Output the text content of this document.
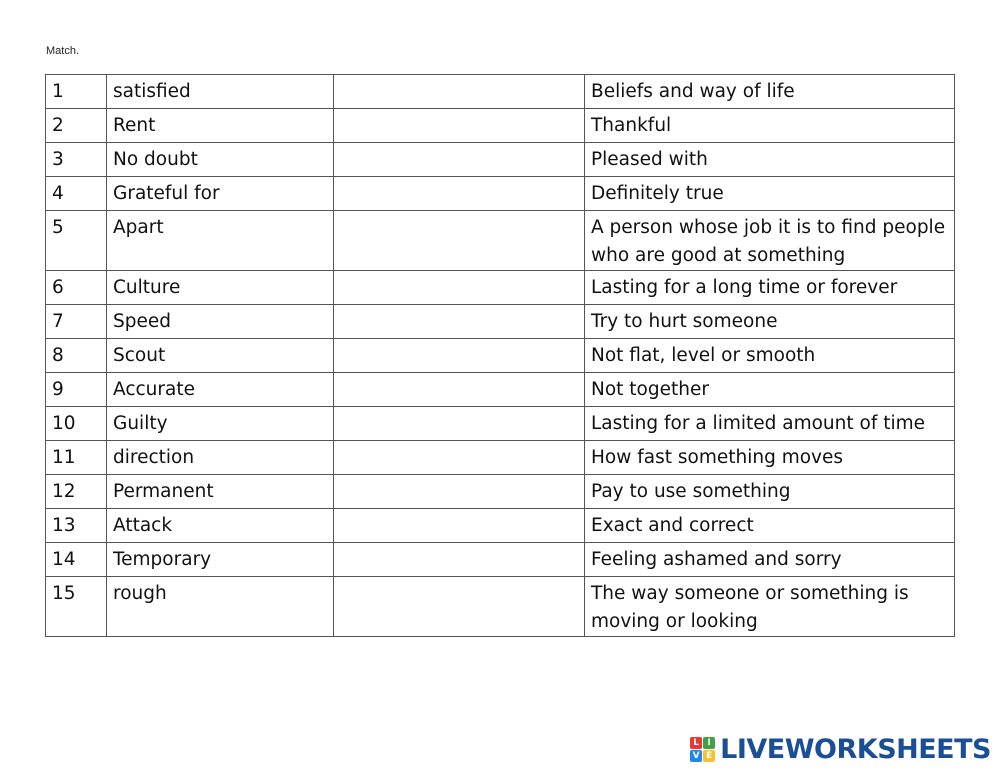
Match.
1	satisfied		Beliefs and way of life
2	Rent		Thankful
3	No doubt		Pleased with
4	Grateful for		Definitely true
5	Apart		A person whose job it is to find people who are good at something
6	Culture		Lasting for a long time or forever
7	Speed		Try to hurt someone
8	Scout		Not flat, level or smooth
9	Accurate		Not together
10	Guilty		Lasting for a limited amount of time
11	direction		How fast something moves
12	Permanent		Pay to use something
13	Attack		Exact and correct
14	Temporary		Feeling ashamed and sorry
15	rough		The way someone or something is moving or looking
L I
V E LIVEWORKSHEETS
